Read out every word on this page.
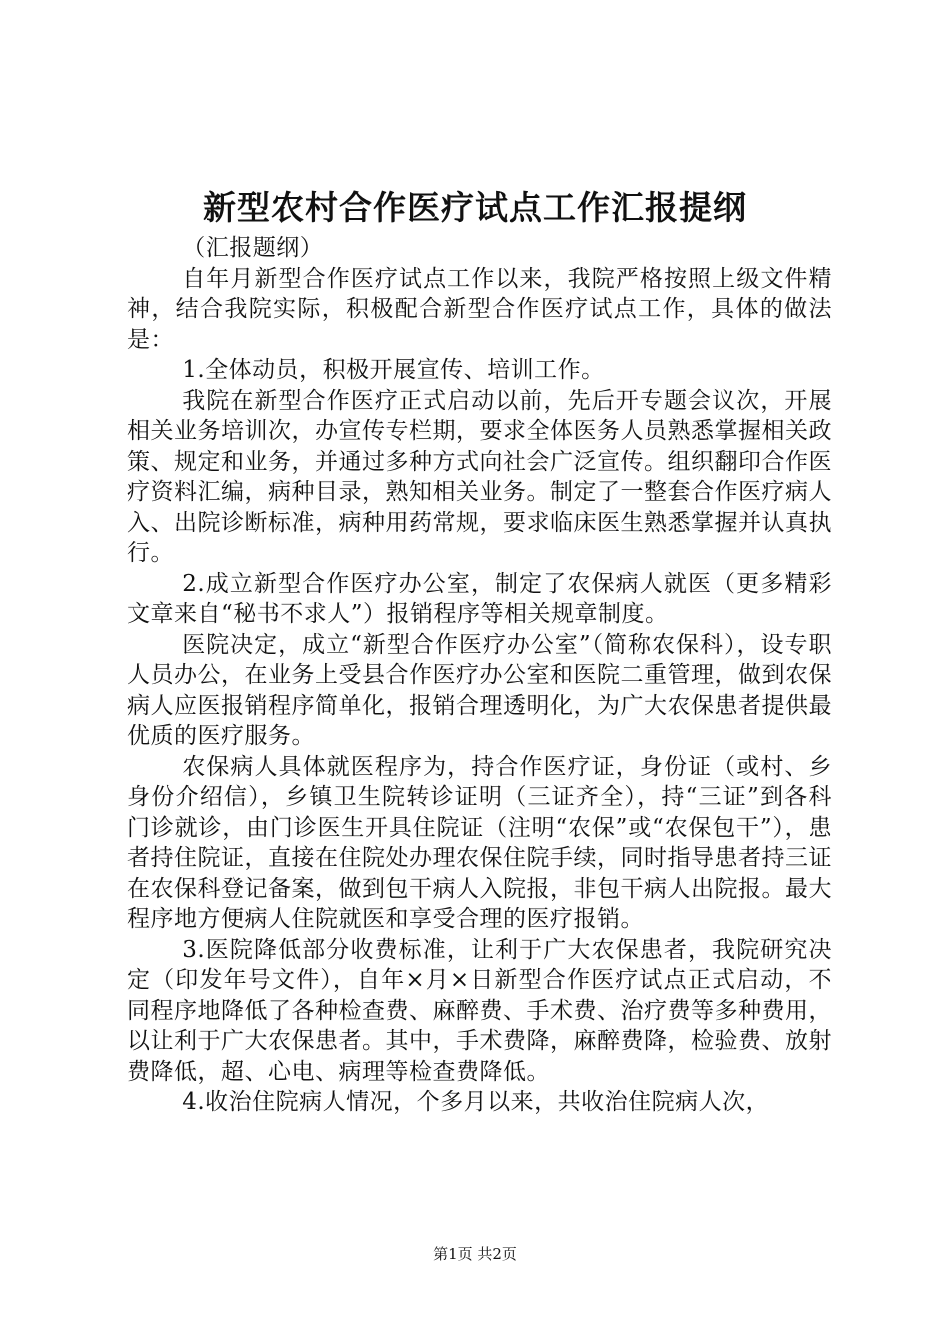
新型农村合作医疗试点工作汇报提纲

（汇报题纲）

自年月新型合作医疗试点工作以来，我院严格按照上级文件精神，结合我院实际，积极配合新型合作医疗试点工作，具体的做法是：

1.全体动员，积极开展宣传、培训工作。

我院在新型合作医疗正式启动以前，先后开专题会议次，开展相关业务培训次，办宣传专栏期，要求全体医务人员熟悉掌握相关政策、规定和业务，并通过多种方式向社会广泛宣传。组织翻印合作医疗资料汇编，病种目录，熟知相关业务。制定了一整套合作医疗病人入、出院诊断标准，病种用药常规，要求临床医生熟悉掌握并认真执行。

2.成立新型合作医疗办公室，制定了农保病人就医（更多精彩文章来自“秘书不求人”）报销程序等相关规章制度。

医院决定，成立“新型合作医疗办公室”（简称农保科），设专职人员办公，在业务上受县合作医疗办公室和医院二重管理，做到农保病人应医报销程序简单化，报销合理透明化，为广大农保患者提供最优质的医疗服务。

农保病人具体就医程序为，持合作医疗证，身份证（或村、乡身份介绍信），乡镇卫生院转诊证明（三证齐全），持“三证”到各科门诊就诊，由门诊医生开具住院证（注明“农保”或“农保包干”），患者持住院证，直接在住院处办理农保住院手续，同时指导患者持三证在农保科登记备案，做到包干病人入院报，非包干病人出院报。最大程序地方便病人住院就医和享受合理的医疗报销。

3.医院降低部分收费标准，让利于广大农保患者，我院研究决定（印发年号文件），自年×月×日新型合作医疗试点正式启动，不同程序地降低了各种检查费、麻醉费、手术费、治疗费等多种费用，以让利于广大农保患者。其中，手术费降，麻醉费降，检验费、放射费降低，超、心电、病理等检查费降低。

4.收治住院病人情况，个多月以来，共收治住院病人次，

第1页 共2页
